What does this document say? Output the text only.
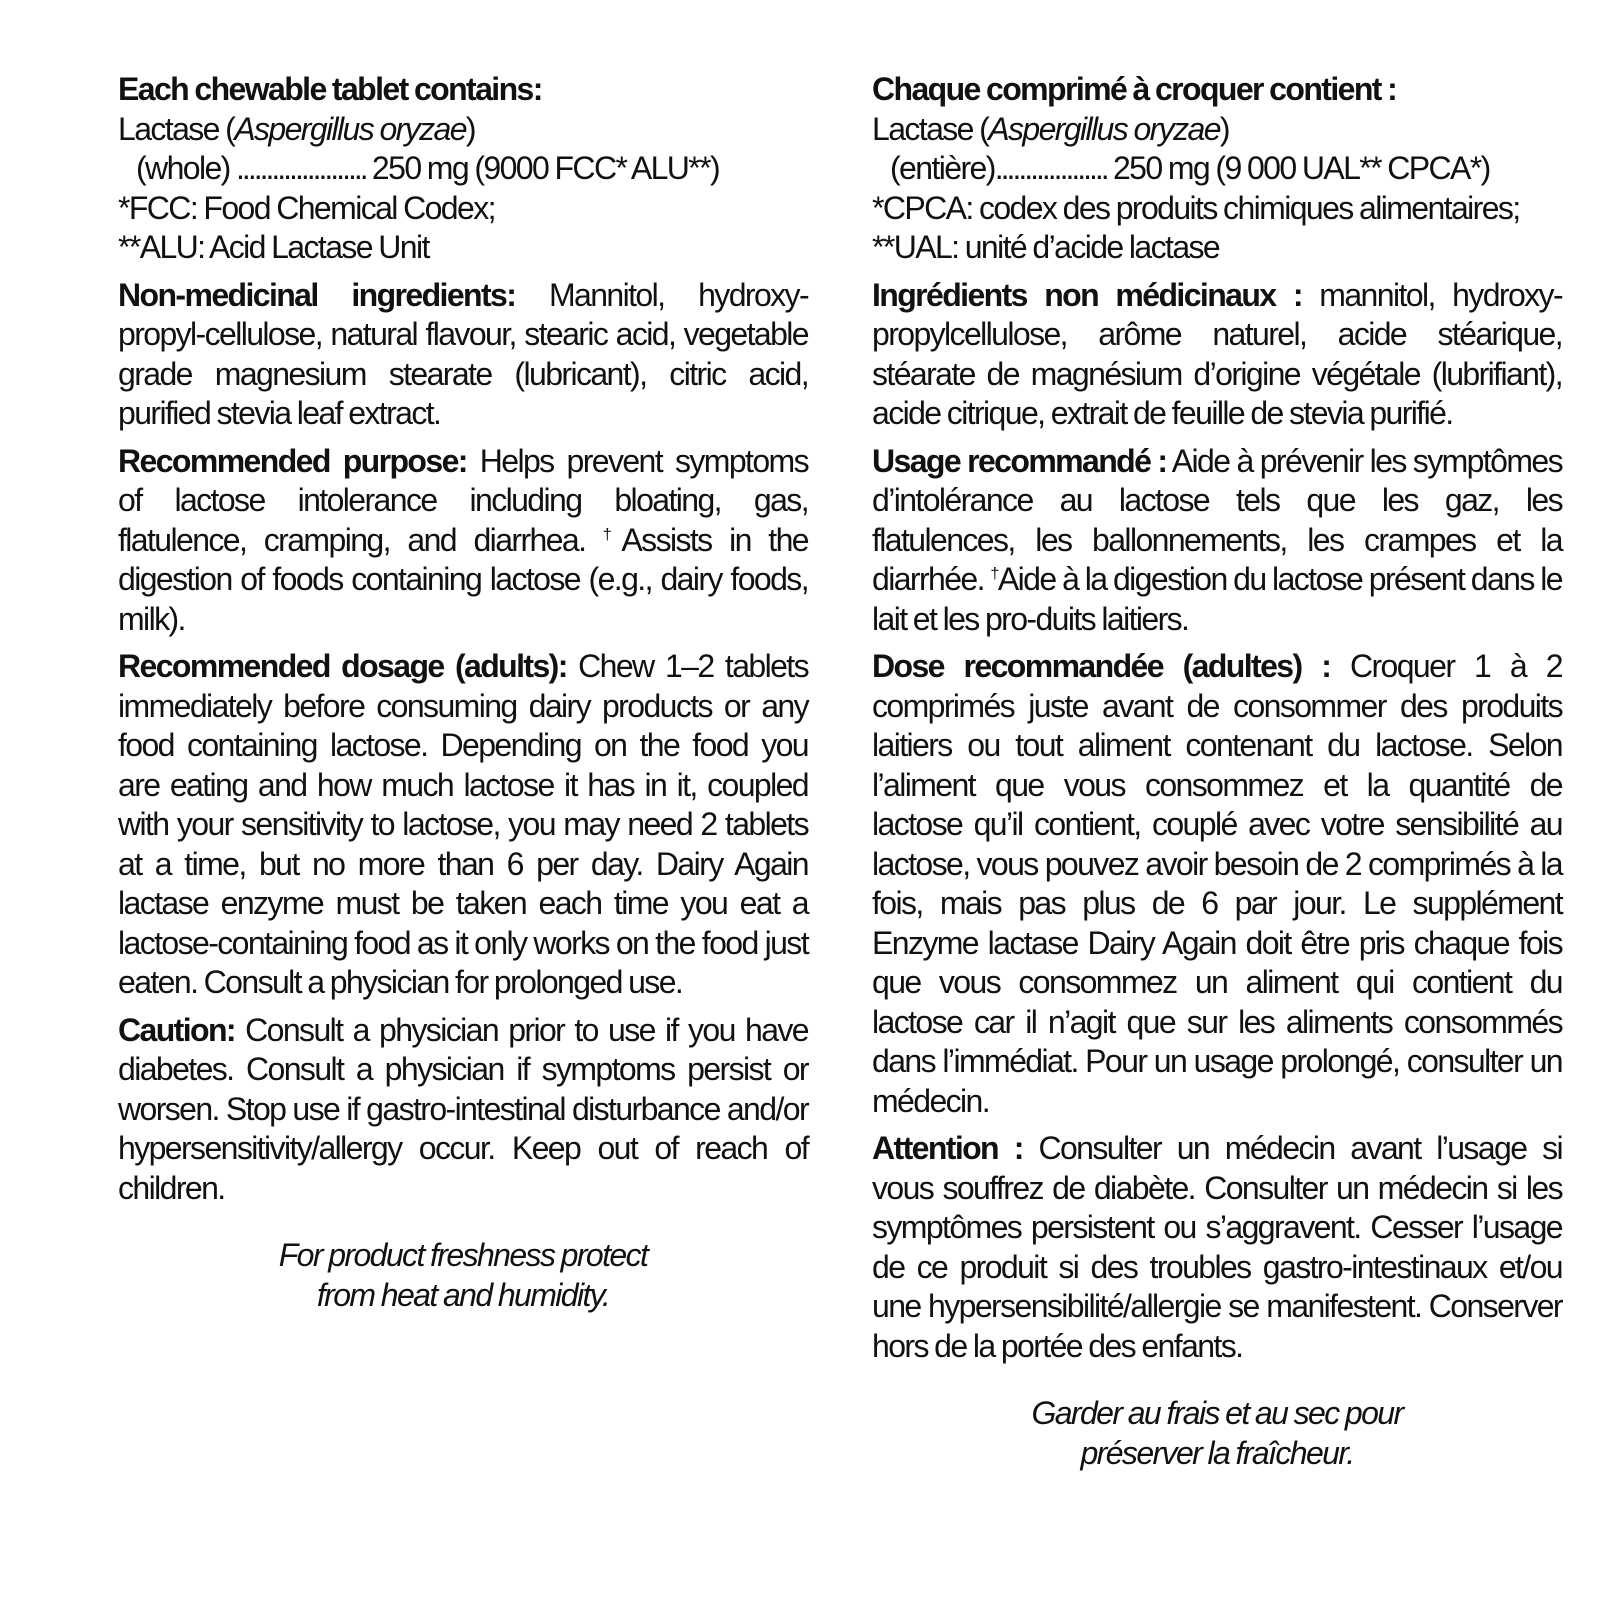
Each chewable tablet contains:
Lactase (Aspergillus oryzae)
(whole) ...................... 250 mg (9000 FCC* ALU**)
*FCC: Food Chemical Codex;
**ALU: Acid Lactase Unit

Non-medicinal ingredients: Mannitol, hydroxy-propyl-cellulose, natural flavour, stearic acid, vegetable grade magnesium stearate (lubricant), citric acid, purified stevia leaf extract.

Recommended purpose: Helps prevent symptoms of lactose intolerance including bloating, gas, flatulence, cramping, and diarrhea. †Assists in the digestion of foods containing lactose (e.g., dairy foods, milk).

Recommended dosage (adults): Chew 1–2 tablets immediately before consuming dairy products or any food containing lactose. Depending on the food you are eating and how much lactose it has in it, coupled with your sensitivity to lactose, you may need 2 tablets at a time, but no more than 6 per day. Dairy Again lactase enzyme must be taken each time you eat a lactose-containing food as it only works on the food just eaten. Consult a physician for prolonged use.

Caution: Consult a physician prior to use if you have diabetes. Consult a physician if symptoms persist or worsen. Stop use if gastro-intestinal disturbance and/or hypersensitivity/allergy occur. Keep out of reach of children.

For product freshness protect
from heat and humidity.
Chaque comprimé à croquer contient :
Lactase (Aspergillus oryzae)
(entière)................... 250 mg (9 000 UAL** CPCA*)
*CPCA: codex des produits chimiques alimentaires;
**UAL: unité d’acide lactase

Ingrédients non médicinaux : mannitol, hydroxy-propylcellulose, arôme naturel, acide stéarique, stéarate de magnésium d’origine végétale (lubrifiant), acide citrique, extrait de feuille de stevia purifié.

Usage recommandé : Aide à prévenir les symptômes d’intolérance au lactose tels que les gaz, les flatulences, les ballonnements, les crampes et la diarrhée. †Aide à la digestion du lactose présent dans le lait et les pro-duits laitiers.

Dose recommandée (adultes) : Croquer 1 à 2 comprimés juste avant de consommer des produits laitiers ou tout aliment contenant du lactose. Selon l’aliment que vous consommez et la quantité de lactose qu’il contient, couplé avec votre sensibilité au lactose, vous pouvez avoir besoin de 2 comprimés à la fois, mais pas plus de 6 par jour. Le supplément Enzyme lactase Dairy Again doit être pris chaque fois que vous consommez un aliment qui contient du lactose car il n’agit que sur les aliments consommés dans l’immédiat. Pour un usage prolongé, consulter un médecin.

Attention : Consulter un médecin avant l’usage si vous souffrez de diabète. Consulter un médecin si les symptômes persistent ou s’aggravent. Cesser l’usage de ce produit si des troubles gastro-intestinaux et/ou une hypersensibilité/allergie se manifestent. Conserver hors de la portée des enfants.

Garder au frais et au sec pour
préserver la fraîcheur.
